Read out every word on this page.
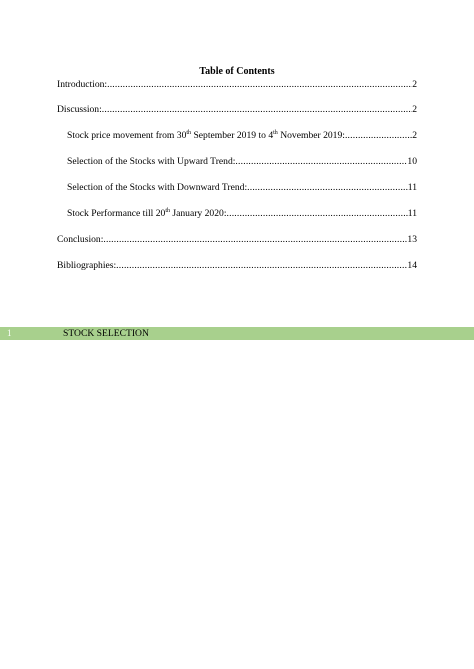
Table of Contents
Introduction: .....	2
Discussion: .....	2
Stock price movement from 30th September 2019 to 4th November 2019: .....	2
Selection of the Stocks with Upward Trend: .....	10
Selection of the Stocks with Downward Trend: .....	11
Stock Performance till 20th January 2020: .....	11
Conclusion: .....	13
Bibliographies: .....	14
1	STOCK SELECTION
